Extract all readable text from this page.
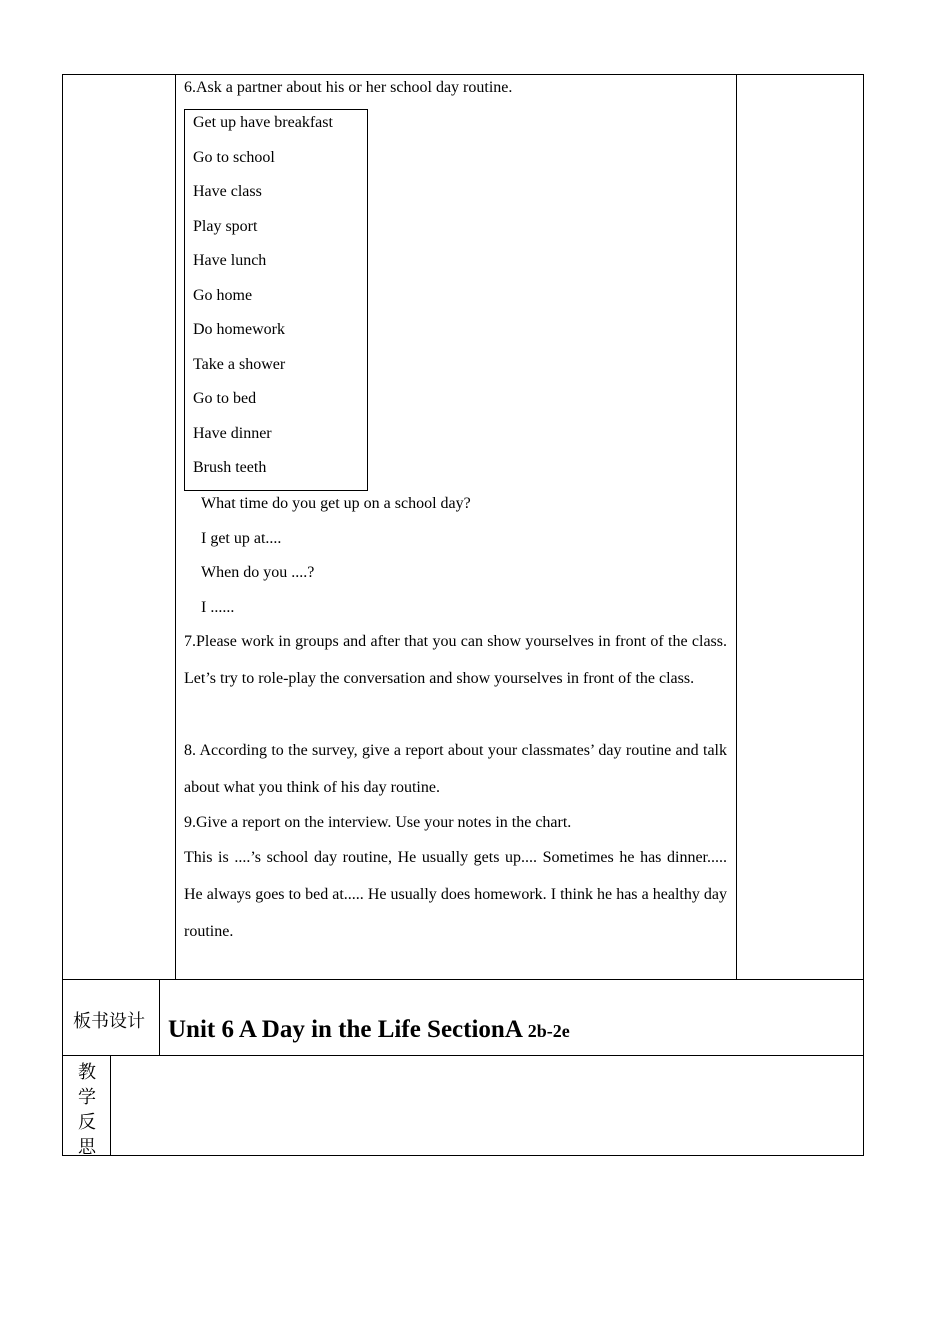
6.Ask a partner about his or her school day routine.
Get up have breakfast
Go to school
Have class
Play sport
Have lunch
Go home
Do homework
Take a shower
Go to bed
Have dinner
Brush teeth
What time do you get up on a school day?
I get up at....
When do you ....?
I ......
7.Please work in groups and after that you can show yourselves in front of the class. Let’s try to role-play the conversation and show yourselves in front of the class.
8. According to the survey, give a report about your classmates’ day routine and talk about what you think of his day routine.
9.Give a report on the interview. Use your notes in the chart.
This is ....’s school day routine, He usually gets up.... Sometimes he has dinner..... He always goes to bed at..... He usually does homework. I think he has a healthy day routine.
板书设计 Unit 6 A Day in the Life SectionA 2b-2e
教
学
反
思
